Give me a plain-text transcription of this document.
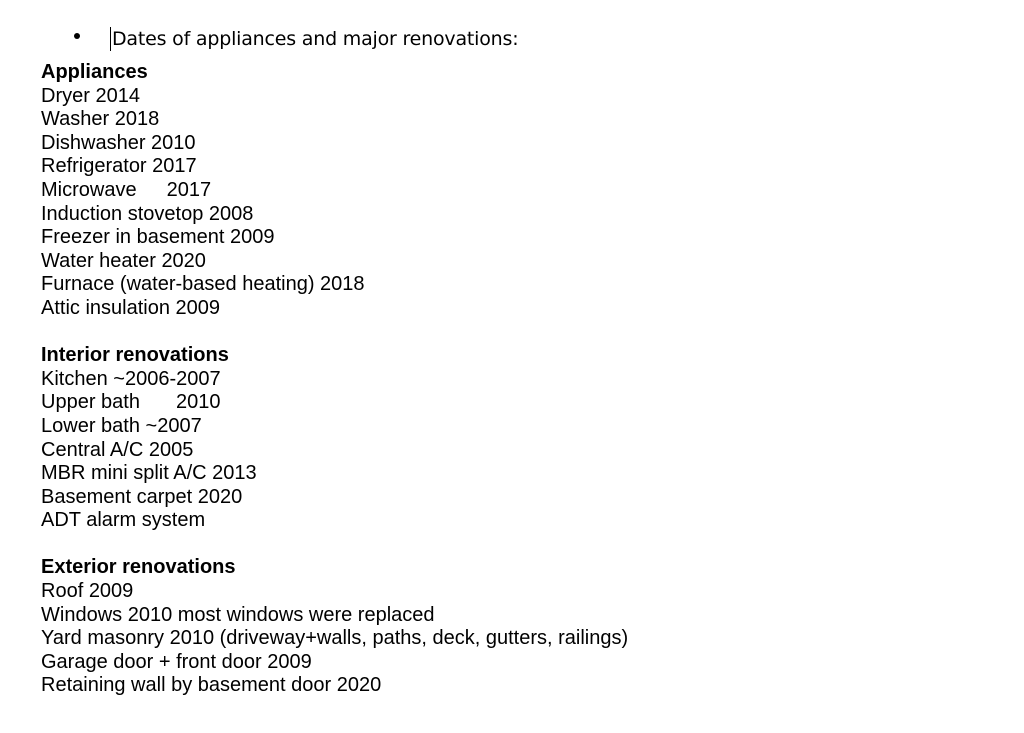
Dates of appliances and major renovations:
Appliances
Dryer 2014
Washer 2018
Dishwasher 2010
Refrigerator 2017
Microwave 2017
Induction stovetop 2008
Freezer in basement 2009
Water heater 2020
Furnace (water-based heating) 2018
Attic insulation 2009
Interior renovations
Kitchen ~2006-2007
Upper bath 2010
Lower bath ~2007
Central A/C 2005
MBR mini split A/C 2013
Basement carpet 2020
ADT alarm system
Exterior renovations
Roof 2009
Windows 2010 most windows were replaced
Yard masonry 2010 (driveway+walls, paths, deck, gutters, railings)
Garage door + front door 2009
Retaining wall by basement door 2020
